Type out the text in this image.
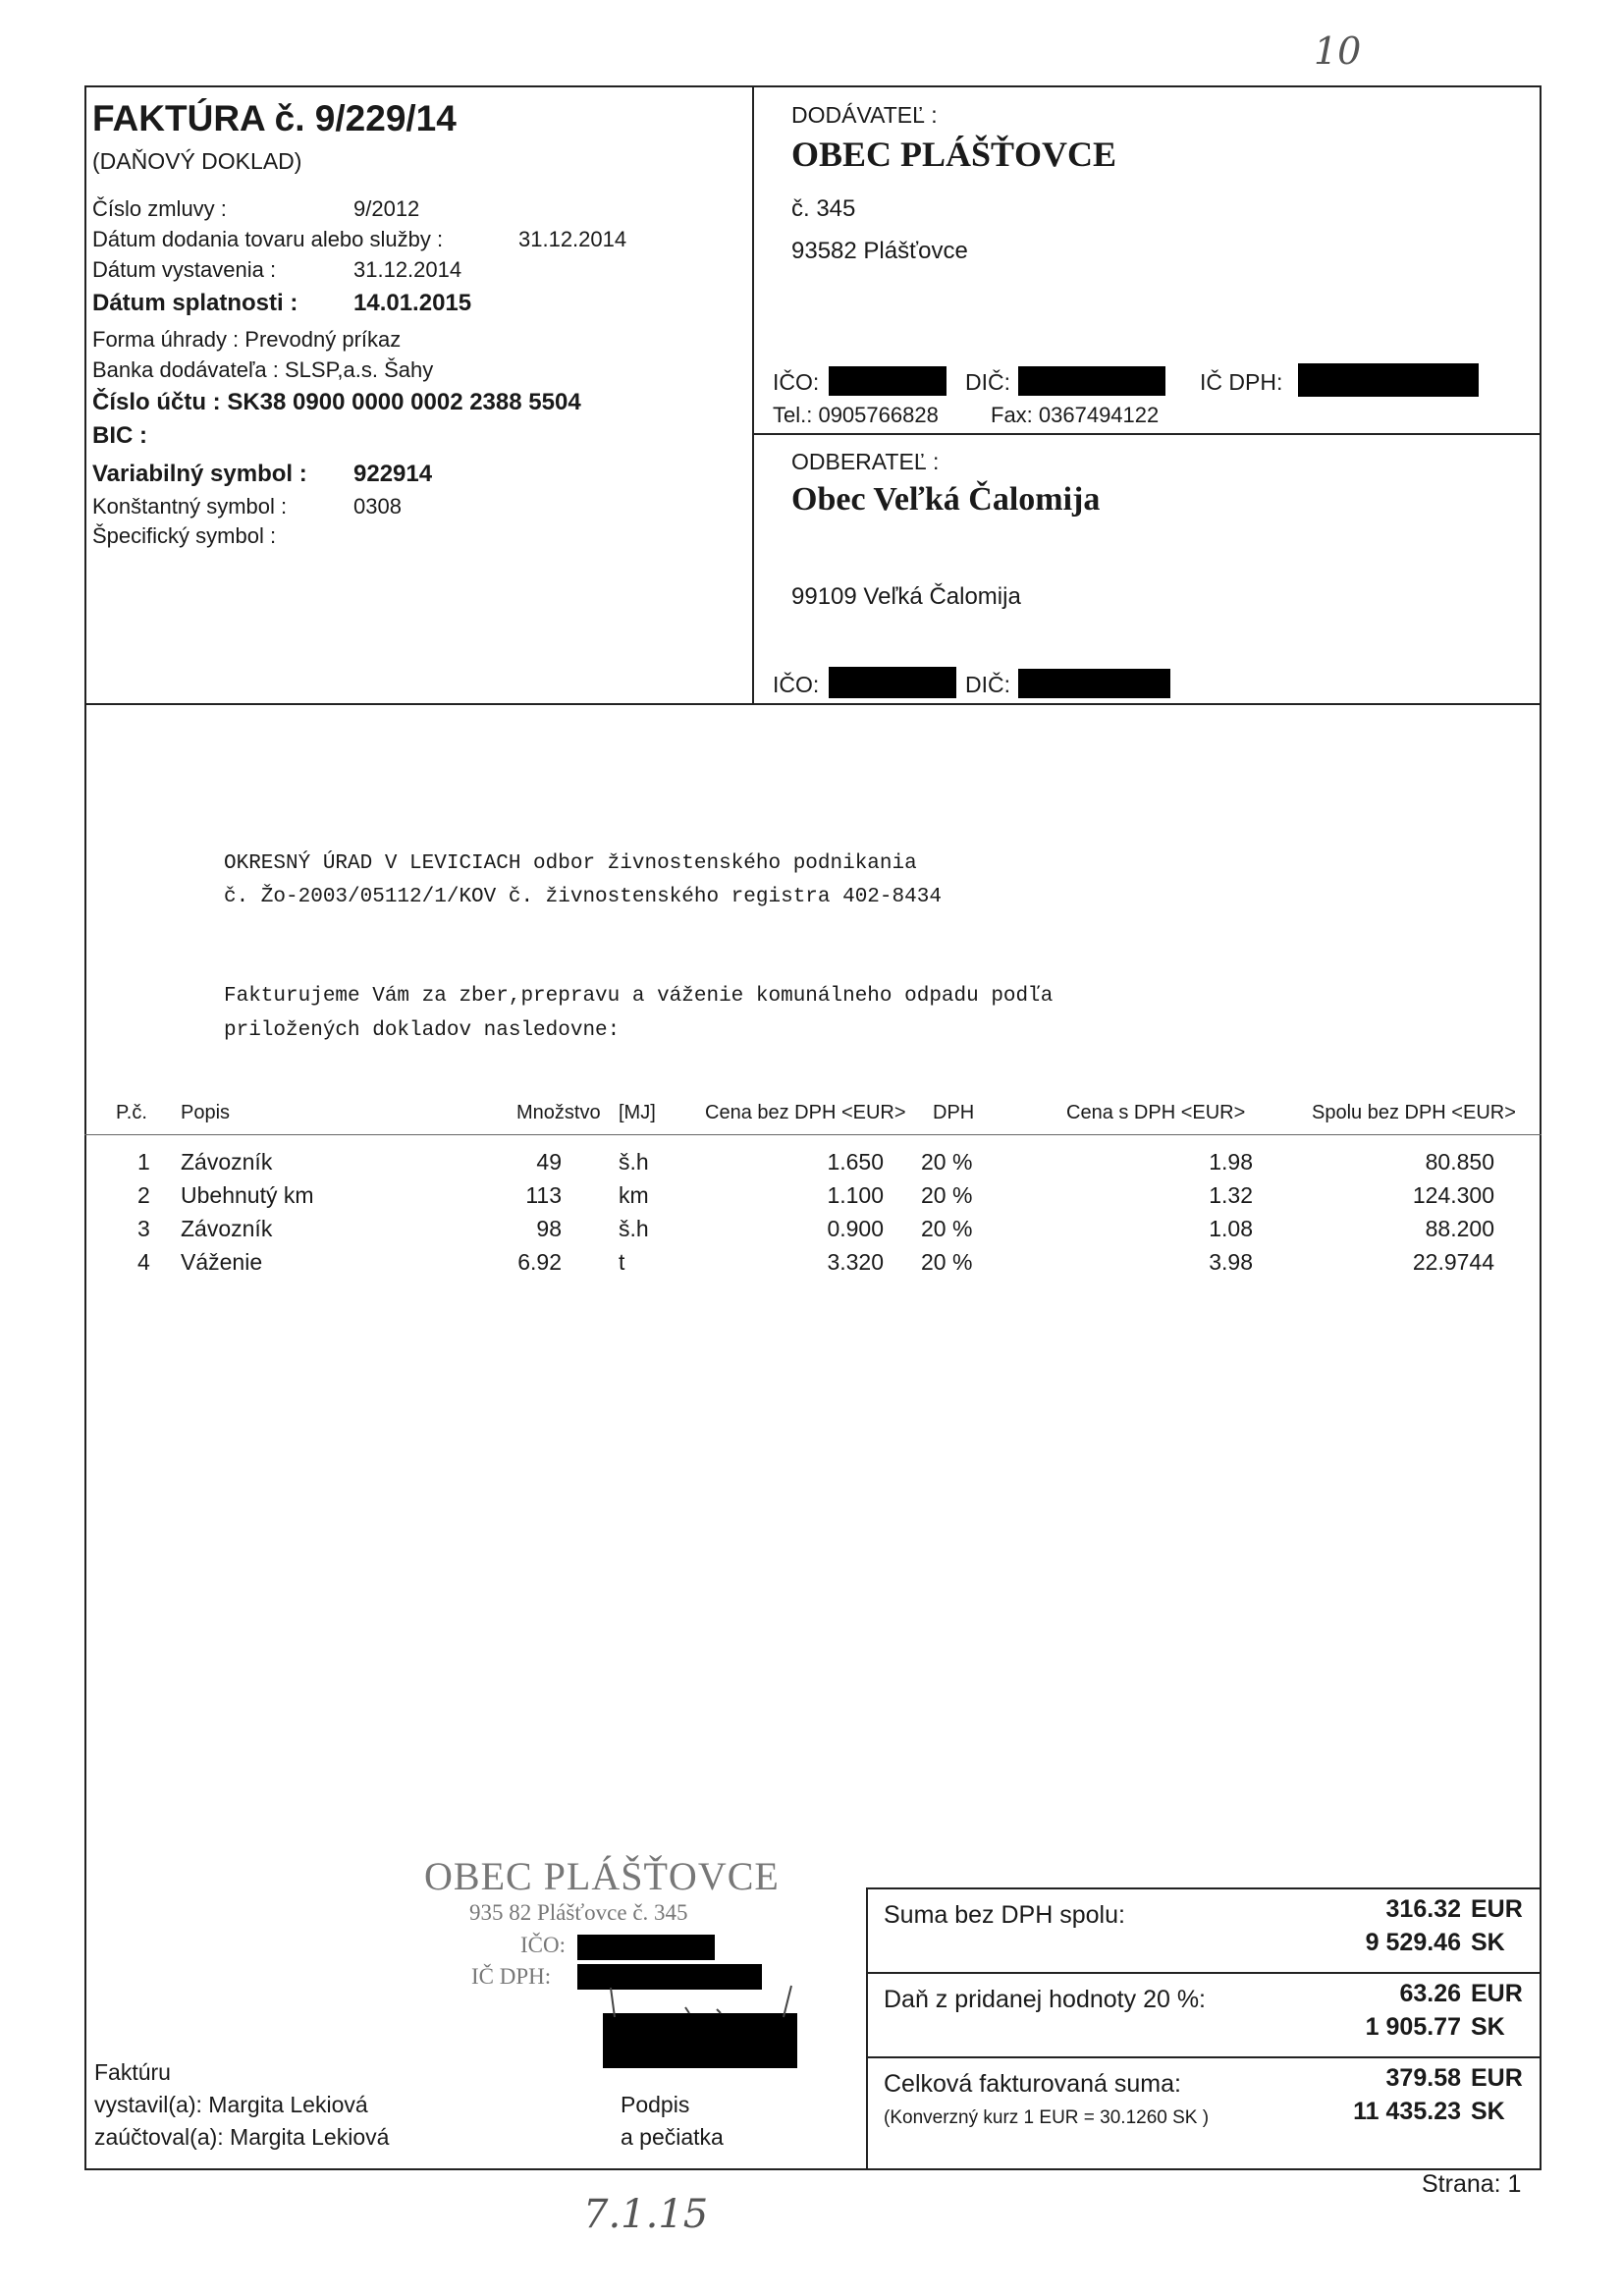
10
FAKTÚRA č. 9/229/14
(DAŇOVÝ DOKLAD)
Číslo zmluvy :	9/2012
Dátum dodania tovaru alebo služby :	31.12.2014
Dátum vystavenia :	31.12.2014
Dátum splatnosti : 14.01.2015
Forma úhrady : Prevodný príkaz
Banka dodávateľa : SLSP,a.s. Šahy
Číslo účtu : SK38 0900 0000 0002 2388 5504
BIC :
Variabilný symbol : 922914
Konštantný symbol :	0308
Špecifický symbol :
DODÁVATEĽ :
OBEC PLÁŠŤOVCE
č. 345
93582 Plášťovce
IČO:	DIČ:	IČ DPH:
Tel.: 0905766828 Fax: 0367494122
ODBERATEĽ :
Obec Veľká Čalomija
99109 Veľká Čalomija
IČO:	DIČ:
OKRESNÝ ÚRAD V LEVICIACH odbor živnostenského podnikania
č. Žo-2003/05112/1/KOV č. živnostenského registra 402-8434
Fakturujeme Vám za zber,prepravu a váženie komunálneho odpadu podľa
priložených dokladov nasledovne:
P.č. Popis	Množstvo [MJ]	Cena bez DPH <EUR> DPH	Cena s DPH <EUR>	Spolu bez DPH <EUR>
1	Závozník	49	š.h	1.650 20 %	1.98	80.850
2	Ubehnutý km	113	km	1.100 20 %	1.32	124.300
3	Závozník	98	š.h	0.900 20 %	1.08	88.200
4	Váženie	6.92	t	3.320 20 %	3.98	22.9744
OBEC PLÁŠŤOVCE
935 82 Plášťovce č. 345
IČO:
IČ DPH:
Faktúru
vystavil(a): Margita Lekiová
zaúčtoval(a): Margita Lekiová
Podpis
a pečiatka
Suma bez DPH spolu:	316.32 EUR
9 529.46 SK
Daň z pridanej hodnoty 20 %:	63.26 EUR
1 905.77 SK
Celková fakturovaná suma:
(Konverzný kurz 1 EUR = 30.1260 SK )
379.58 EUR
11 435.23 SK
Strana: 1
7.1.15
